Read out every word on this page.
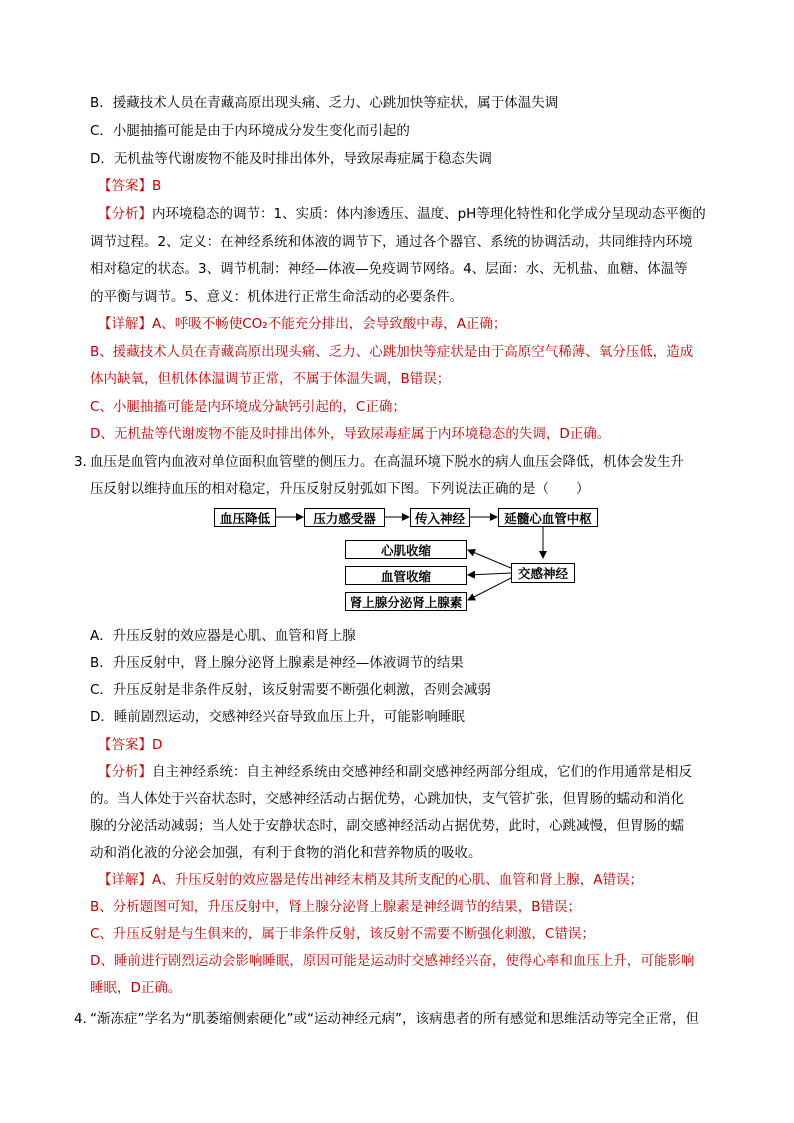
B．援藏技术人员在青藏高原出现头痛、乏力、心跳加快等症状，属于体温失调
C．小腿抽搐可能是由于内环境成分发生变化而引起的
D．无机盐等代谢废物不能及时排出体外，导致尿毒症属于稳态失调
【答案】B
【分析】内环境稳态的调节：1、实质：体内渗透压、温度、pH等理化特性和化学成分呈现动态平衡的
调节过程。2、定义：在神经系统和体液的调节下，通过各个器官、系统的协调活动，共同维持内环境
相对稳定的状态。3、调节机制：神经—体液—免疫调节网络。4、层面：水、无机盐、血糖、体温等
的平衡与调节。5、意义：机体进行正常生命活动的必要条件。
【详解】A、呼吸不畅使CO₂不能充分排出，会导致酸中毒，A正确；
B、援藏技术人员在青藏高原出现头痛、乏力、心跳加快等症状是由于高原空气稀薄、氧分压低，造成
体内缺氧，但机体体温调节正常，不属于体温失调，B错误；
C、小腿抽搐可能是内环境成分缺钙引起的，C正确；
D、无机盐等代谢废物不能及时排出体外，导致尿毒症属于内环境稳态的失调，D正确。
3．
血压是血管内血液对单位面积血管壁的侧压力。在高温环境下脱水的病人血压会降低，机体会发生升
压反射以维持血压的相对稳定，升压反射反射弧如下图。下列说法正确的是（　　）
血压降低	压力感受器	传入神经	延髓心血管中枢
交感神经
心肌收缩
血管收缩
肾上腺分泌肾上腺素
A．升压反射的效应器是心肌、血管和肾上腺
B．升压反射中，肾上腺分泌肾上腺素是神经—体液调节的结果
C．升压反射是非条件反射，该反射需要不断强化刺激，否则会减弱
D．睡前剧烈运动，交感神经兴奋导致血压上升，可能影响睡眠
【答案】D
【分析】自主神经系统：自主神经系统由交感神经和副交感神经两部分组成，它们的作用通常是相反
的。当人体处于兴奋状态时，交感神经活动占据优势，心跳加快，支气管扩张，但胃肠的蠕动和消化
腺的分泌活动减弱；当人处于安静状态时，副交感神经活动占据优势，此时，心跳减慢，但胃肠的蠕
动和消化液的分泌会加强，有利于食物的消化和营养物质的吸收。
【详解】A、升压反射的效应器是传出神经末梢及其所支配的心肌、血管和肾上腺，A错误；
B、分析题图可知，升压反射中，肾上腺分泌肾上腺素是神经调节的结果，B错误；
C、升压反射是与生俱来的，属于非条件反射，该反射不需要不断强化刺激，C错误；
D、睡前进行剧烈运动会影响睡眠，原因可能是运动时交感神经兴奋，使得心率和血压上升，可能影响
睡眠，D正确。
4．
“渐冻症”学名为“肌萎缩侧索硬化”或“运动神经元病”，该病患者的所有感觉和思维活动等完全正常，但
